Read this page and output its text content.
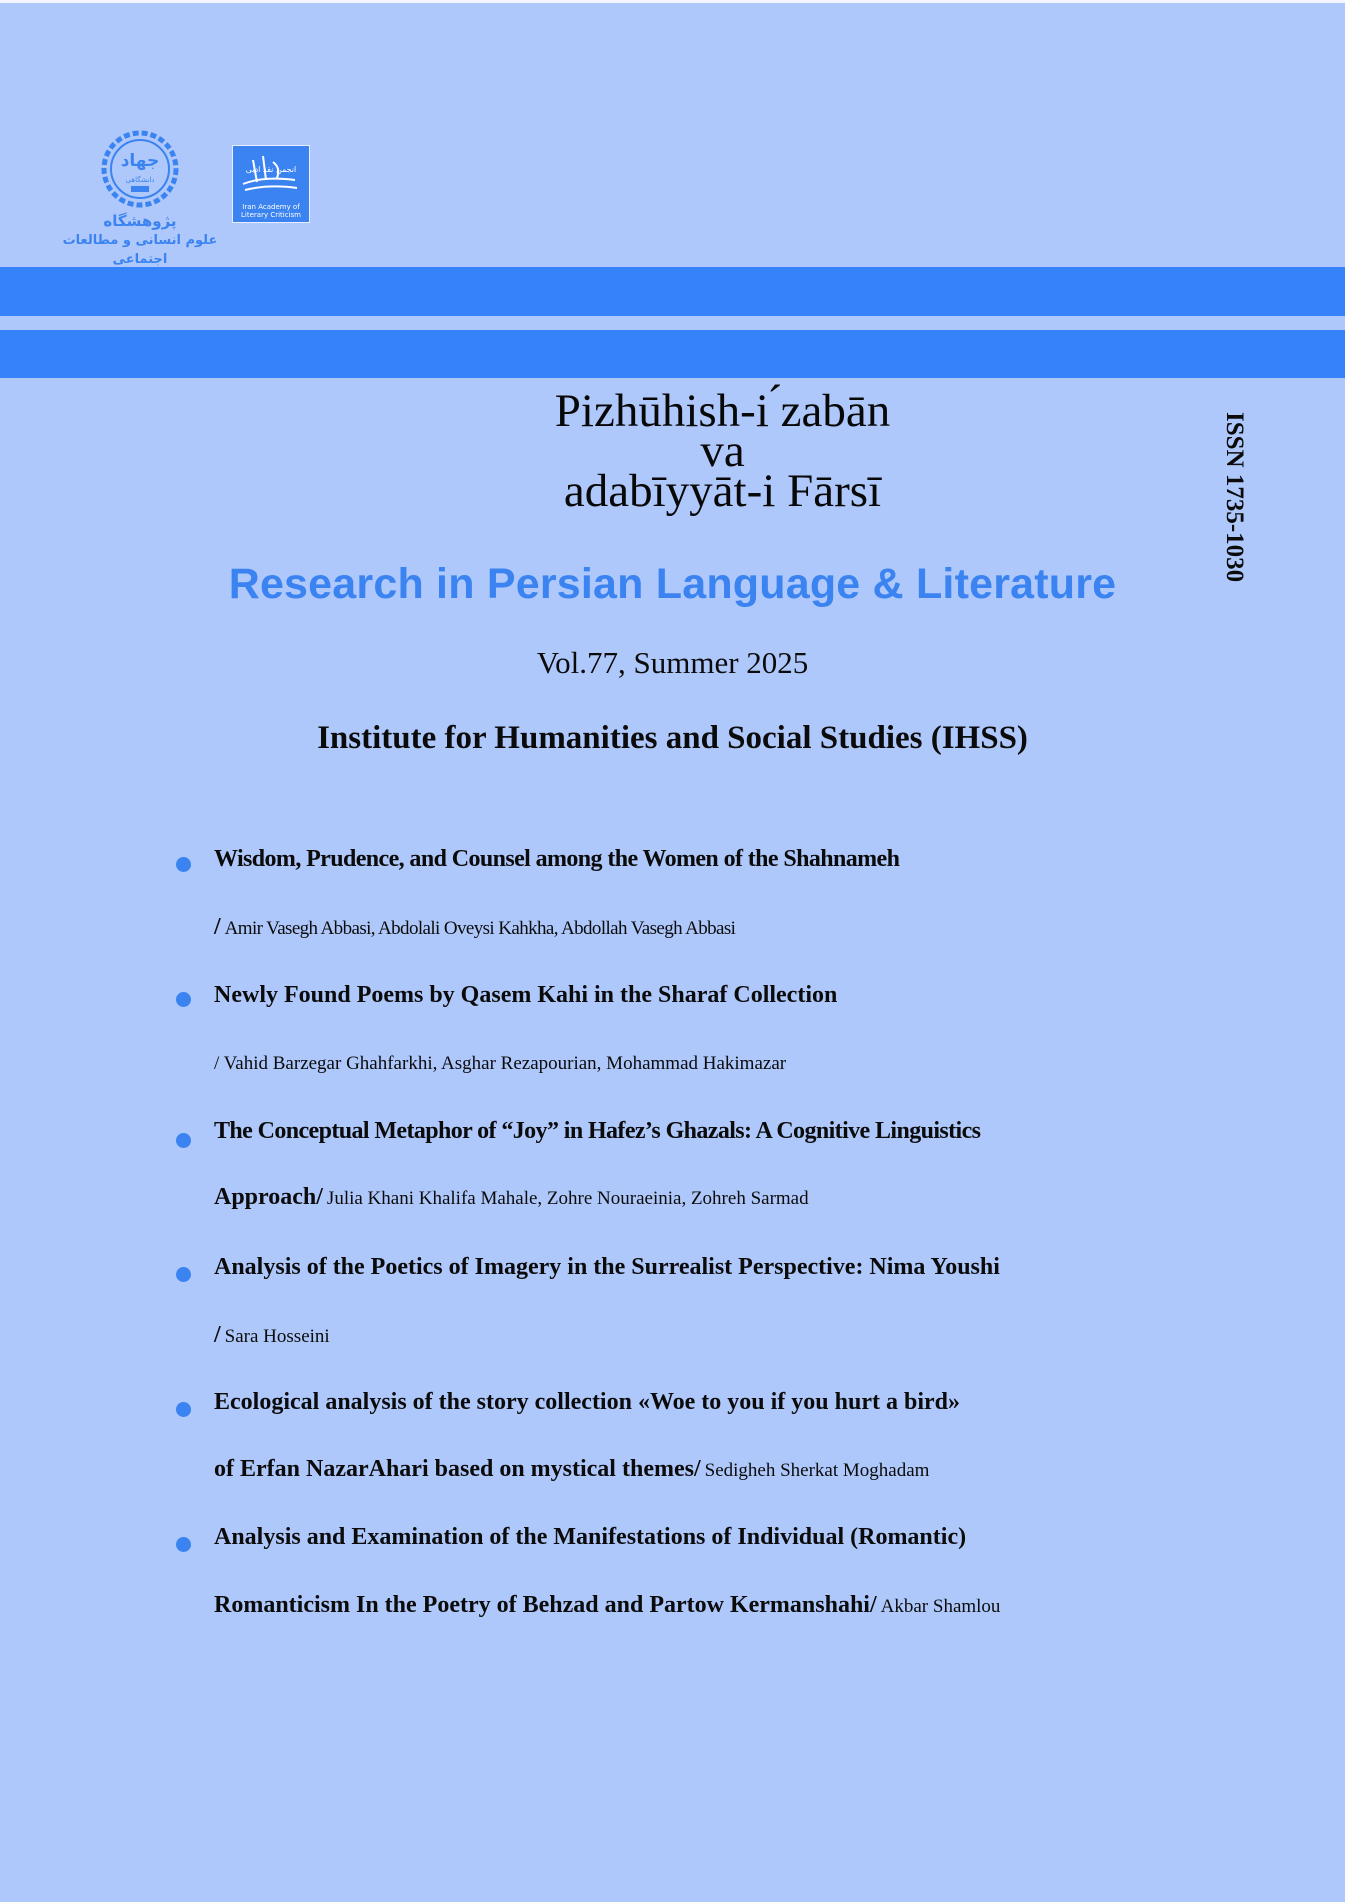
جهاد
دانشگاهی
پژوهشگاه
علوم انسانی و مطالعات اجتماعی
انجمن نقد ادبی
Iran Academy of
Literary Criticism
Pizhūhish-i ́zabān
va
adabīyyāt-i Fārsī	ISSN 1735-1030
Research in Persian Language & Literature
Vol.77, Summer 2025
Institute for Humanities and Social Studies (IHSS)
Wisdom, Prudence, and Counsel among the Women of the Shahnameh
/ Amir Vasegh Abbasi, Abdolali Oveysi Kahkha, Abdollah Vasegh Abbasi
Newly Found Poems by Qasem Kahi in the Sharaf Collection
/ Vahid Barzegar Ghahfarkhi, Asghar Rezapourian, Mohammad Hakimazar
The Conceptual Metaphor of “Joy” in Hafez’s Ghazals: A Cognitive Linguistics
Approach/ Julia Khani Khalifa Mahale, Zohre Nouraeinia, Zohreh Sarmad
Analysis of the Poetics of Imagery in the Surrealist Perspective: Nima Youshi
/ Sara Hosseini
Ecological analysis of the story collection «Woe to you if you hurt a bird»
of Erfan NazarAhari based on mystical themes/ Sedigheh Sherkat Moghadam
Analysis and Examination of the Manifestations of Individual (Romantic)
Romanticism In the Poetry of Behzad and Partow Kermanshahi/ Akbar Shamlou
